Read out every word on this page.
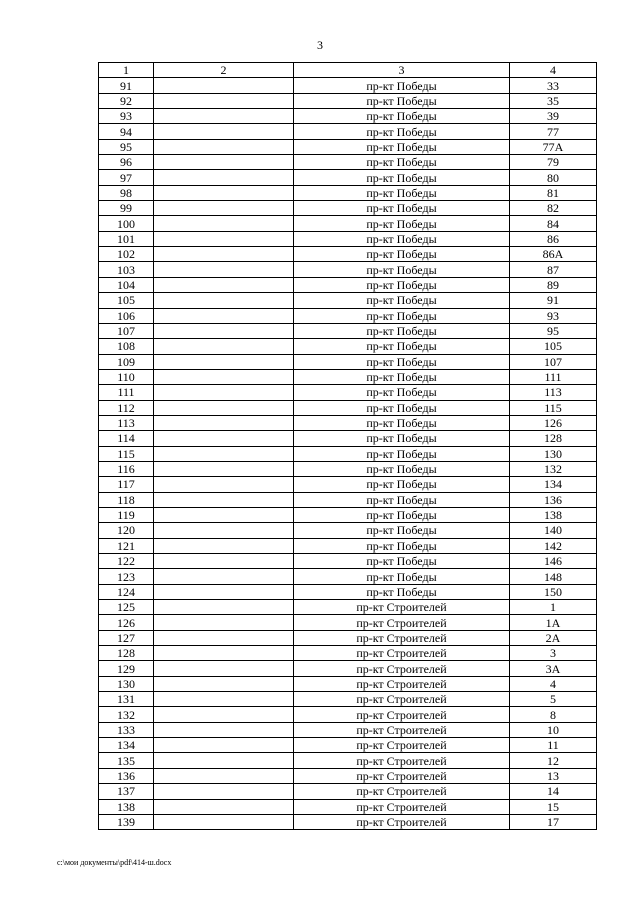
3
1	2	3	4
91		пр-кт Победы	33
92		пр-кт Победы	35
93		пр-кт Победы	39
94		пр-кт Победы	77
95		пр-кт Победы	77А
96		пр-кт Победы	79
97		пр-кт Победы	80
98		пр-кт Победы	81
99		пр-кт Победы	82
100		пр-кт Победы	84
101		пр-кт Победы	86
102		пр-кт Победы	86А
103		пр-кт Победы	87
104		пр-кт Победы	89
105		пр-кт Победы	91
106		пр-кт Победы	93
107		пр-кт Победы	95
108		пр-кт Победы	105
109		пр-кт Победы	107
110		пр-кт Победы	111
111		пр-кт Победы	113
112		пр-кт Победы	115
113		пр-кт Победы	126
114		пр-кт Победы	128
115		пр-кт Победы	130
116		пр-кт Победы	132
117		пр-кт Победы	134
118		пр-кт Победы	136
119		пр-кт Победы	138
120		пр-кт Победы	140
121		пр-кт Победы	142
122		пр-кт Победы	146
123		пр-кт Победы	148
124		пр-кт Победы	150
125		пр-кт Строителей	1
126		пр-кт Строителей	1А
127		пр-кт Строителей	2А
128		пр-кт Строителей	3
129		пр-кт Строителей	3А
130		пр-кт Строителей	4
131		пр-кт Строителей	5
132		пр-кт Строителей	8
133		пр-кт Строителей	10
134		пр-кт Строителей	11
135		пр-кт Строителей	12
136		пр-кт Строителей	13
137		пр-кт Строителей	14
138		пр-кт Строителей	15
139		пр-кт Строителей	17
c:\мои документы\pdf\414-ш.docx
